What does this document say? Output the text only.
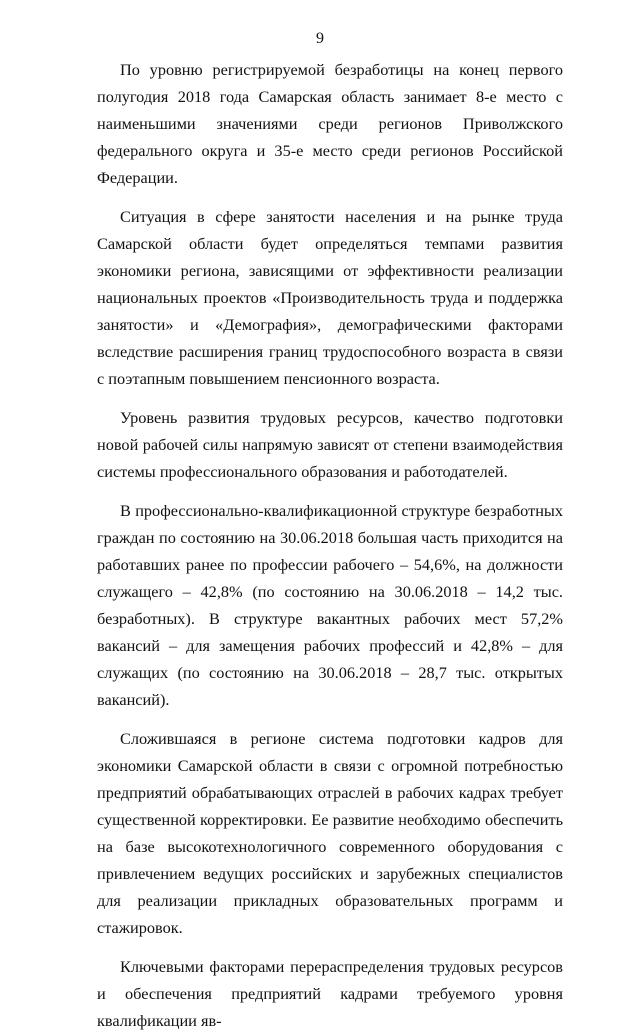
9

По уровню регистрируемой безработицы на конец первого полугодия 2018 года Самарская область занимает 8-е место с наименьшими значениями среди регионов Приволжского федерального округа и 35-е место среди регионов Российской Федерации.

Ситуация в сфере занятости населения и на рынке труда Самарской области будет определяться темпами развития экономики региона, зависящими от эффективности реализации национальных проектов «Производительность труда и поддержка занятости» и «Демография», демографическими факторами вследствие расширения границ трудоспособного возраста в связи с поэтапным повышением пенсионного возраста.

Уровень развития трудовых ресурсов, качество подготовки новой рабочей силы напрямую зависят от степени взаимодействия системы профессионального образования и работодателей.

В профессионально-квалификационной структуре безработных граждан по состоянию на 30.06.2018 большая часть приходится на работавших ранее по профессии рабочего – 54,6%, на должности служащего – 42,8% (по состоянию на 30.06.2018 – 14,2 тыс. безработных). В структуре вакантных рабочих мест 57,2% вакансий – для замещения рабочих профессий и 42,8% – для служащих (по состоянию на 30.06.2018 – 28,7 тыс. открытых вакансий).

Сложившаяся в регионе система подготовки кадров для экономики Самарской области в связи с огромной потребностью предприятий обрабатывающих отраслей в рабочих кадрах требует существенной корректировки. Ее развитие необходимо обеспечить на базе высокотехнологичного современного оборудования с привлечением ведущих российских и зарубежных специалистов для реализации прикладных образовательных программ и стажировок.

Ключевыми факторами перераспределения трудовых ресурсов и обеспечения предприятий кадрами требуемого уровня квалификации яв-
